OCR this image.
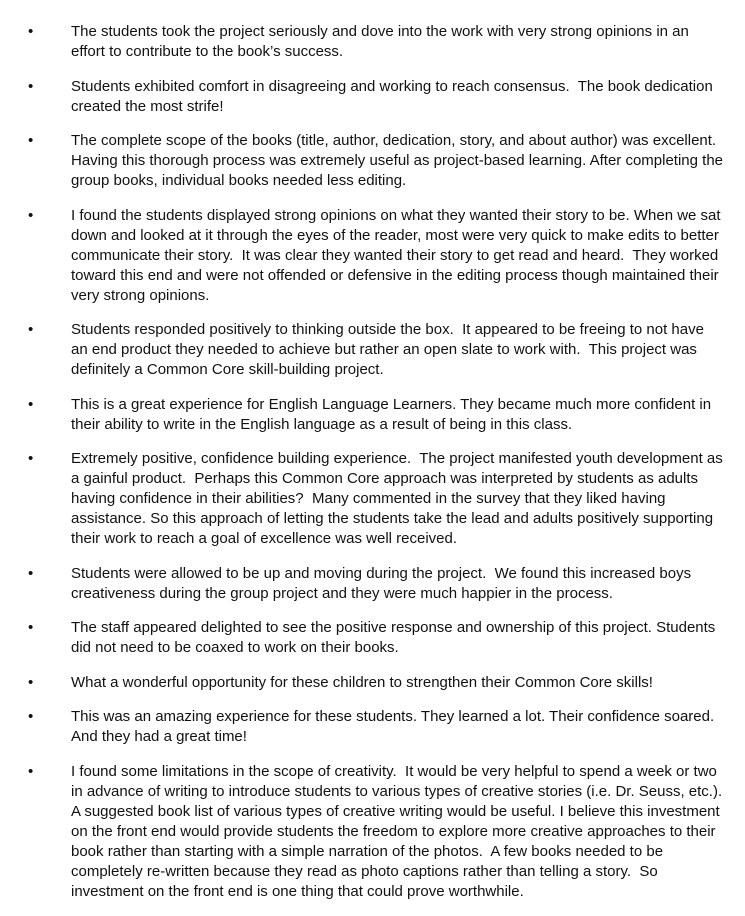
•	The students took the project seriously and dove into the work with very strong opinions in an effort to contribute to the book’s success.
•	Students exhibited comfort in disagreeing and working to reach consensus.  The book dedication created the most strife!
•	The complete scope of the books (title, author, dedication, story, and about author) was excellent.  Having this thorough process was extremely useful as project-based learning. After completing the group books, individual books needed less editing.
•	I found the students displayed strong opinions on what they wanted their story to be. When we sat down and looked at it through the eyes of the reader, most were very quick to make edits to better communicate their story.  It was clear they wanted their story to get read and heard.  They worked toward this end and were not offended or defensive in the editing process though maintained their very strong opinions.
•	Students responded positively to thinking outside the box.  It appeared to be freeing to not have an end product they needed to achieve but rather an open slate to work with.  This project was definitely a Common Core skill-building project.
•	This is a great experience for English Language Learners. They became much more confident in their ability to write in the English language as a result of being in this class.
•	Extremely positive, confidence building experience.  The project manifested youth development as a gainful product.  Perhaps this Common Core approach was interpreted by students as adults having confidence in their abilities?  Many commented in the survey that they liked having assistance. So this approach of letting the students take the lead and adults positively supporting their work to reach a goal of excellence was well received.
•	Students were allowed to be up and moving during the project.  We found this increased boys creativeness during the group project and they were much happier in the process.
•	The staff appeared delighted to see the positive response and ownership of this project. Students did not need to be coaxed to work on their books.
•	What a wonderful opportunity for these children to strengthen their Common Core skills!
•	This was an amazing experience for these students. They learned a lot. Their confidence soared. And they had a great time!
•	I found some limitations in the scope of creativity.  It would be very helpful to spend a week or two in advance of writing to introduce students to various types of creative stories (i.e. Dr. Seuss, etc.).  A suggested book list of various types of creative writing would be useful. I believe this investment on the front end would provide students the freedom to explore more creative approaches to their book rather than starting with a simple narration of the photos.  A few books needed to be completely re-written because they read as photo captions rather than telling a story.  So investment on the front end is one thing that could prove worthwhile.
